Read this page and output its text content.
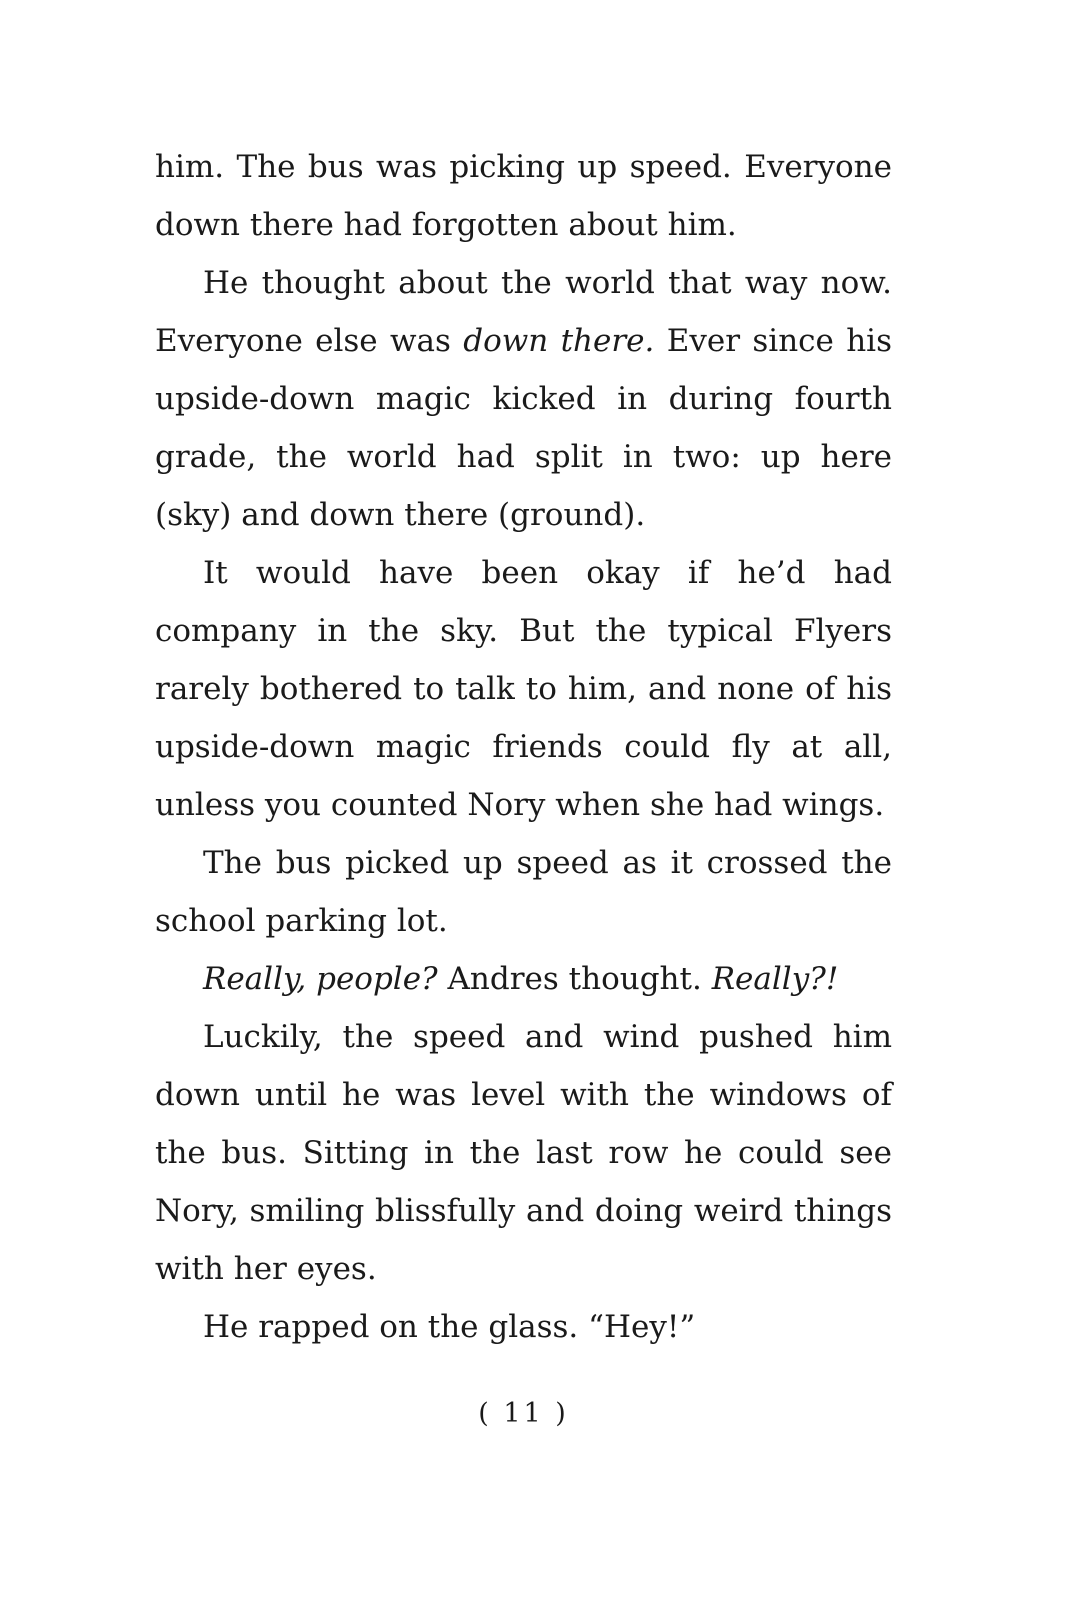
him. The bus was picking up speed. Everyone down there had forgotten about him.

He thought about the world that way now. Everyone else was down there. Ever since his upside-down magic kicked in during fourth grade, the world had split in two: up here (sky) and down there (ground).

It would have been okay if he’d had company in the sky. But the typical Flyers rarely bothered to talk to him, and none of his upside-down magic friends could fly at all, unless you counted Nory when she had wings.

The bus picked up speed as it crossed the school parking lot.

Really, people? Andres thought. Really?!

Luckily, the speed and wind pushed him down until he was level with the windows of the bus. Sitting in the last row he could see Nory, smiling blissfully and doing weird things with her eyes.

He rapped on the glass. “Hey!”

( 11 )
